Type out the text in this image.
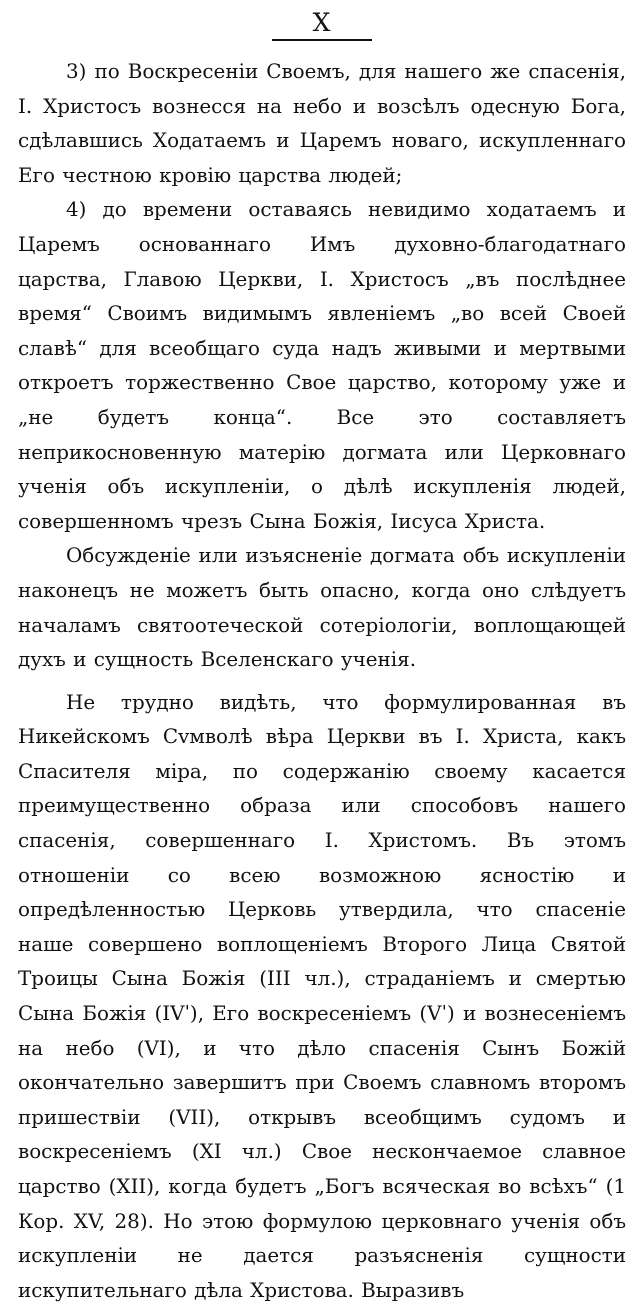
X

3) по Воскресеніи Своемъ, для нашего же спасенія, І. Христосъ вознесся на небо и возсѣлъ одесную Бога, сдѣлавшись Ходатаемъ и Царемъ новаго, искупленнаго Его честною кровію царства людей;

4) до времени оставаясь невидимо ходатаемъ и Царемъ основаннаго Имъ духовно-благодатнаго царства, Главою Церкви, І. Христосъ „въ послѣднее время“ Своимъ видимымъ явленіемъ „во всей Своей славѣ“ для всеобщаго суда надъ живыми и мертвыми откроетъ торжественно Свое царство, которому уже и „не будетъ конца“. Все это составляетъ неприкосновенную матерію догмата или Церковнаго ученія объ искупленіи, о дѣлѣ искупленія людей, совершенномъ чрезъ Сына Божія, Іисуса Христа.

Обсужденіе или изъясненіе догмата объ искупленіи наконецъ не можетъ быть опасно, когда оно слѣдуетъ началамъ святоотеческой сотеріологіи, воплощающей духъ и сущность Вселенскаго ученія.

Не трудно видѣть, что формулированная въ Никейскомъ Сvмволѣ вѣра Церкви въ І. Христа, какъ Спасителя міра, по содержанію своему касается преимущественно образа или способовъ нашего спасенія, совершеннаго І. Христомъ. Въ этомъ отношеніи со всею возможною ясностію и опредѣленностью Церковь утвердила, что спасеніе наше совершено воплощеніемъ Второго Лица Святой Троицы Сына Божія (III чл.), страданіемъ и смертью Сына Божія (IVˈ), Его воскресеніемъ (Vˈ) и вознесеніемъ на небо (VI), и что дѣло спасенія Сынъ Божій окончательно завершитъ при Своемъ славномъ второмъ пришествіи (VII), открывъ всеобщимъ судомъ и воскресеніемъ (XI чл.) Свое нескончаемое славное царство (XII), когда будетъ „Богъ всяческая во всѣхъ“ (1 Кор. XV, 28). Но этою формулою церковнаго ученія объ искупленіи не дается разъясненія сущности искупительнаго дѣла Христова. Выразивъ
